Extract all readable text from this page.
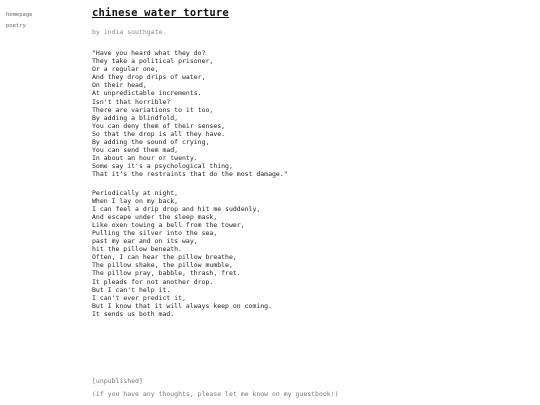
homepage
poetry
chinese water torture
by india southgate.
"Have you heard what they do?
They take a political prisoner,
Or a regular one,
And they drop drips of water,
On their head,
At unpredictable increments.
Isn't that horrible?
There are variations to it too,
By adding a blindfold,
You can deny them of their senses,
So that the drop is all they have.
By adding the sound of crying,
You can send them mad,
In about an hour or twenty.
Some say it's a psychological thing,
That it's the restraints that do the most damage."
Periodically at night,
When I lay on my back,
I can feel a drip drop and hit me suddenly,
And escape under the sleep mask,
Like oxen towing a bell from the tower,
Pulling the silver into the sea,
past my ear and on its way,
hit the pillow beneath.
Often, I can hear the pillow breathe,
The pillow shake, the pillow mumble,
The pillow pray, babble, thrash, fret.
It pleads for not another drop.
But I can't help it.
I can't ever predict it,
But I know that it will always keep on coming.
It sends us both mad.
[unpublished]
(if you have any thoughts, please let me know on my guestbook!)
